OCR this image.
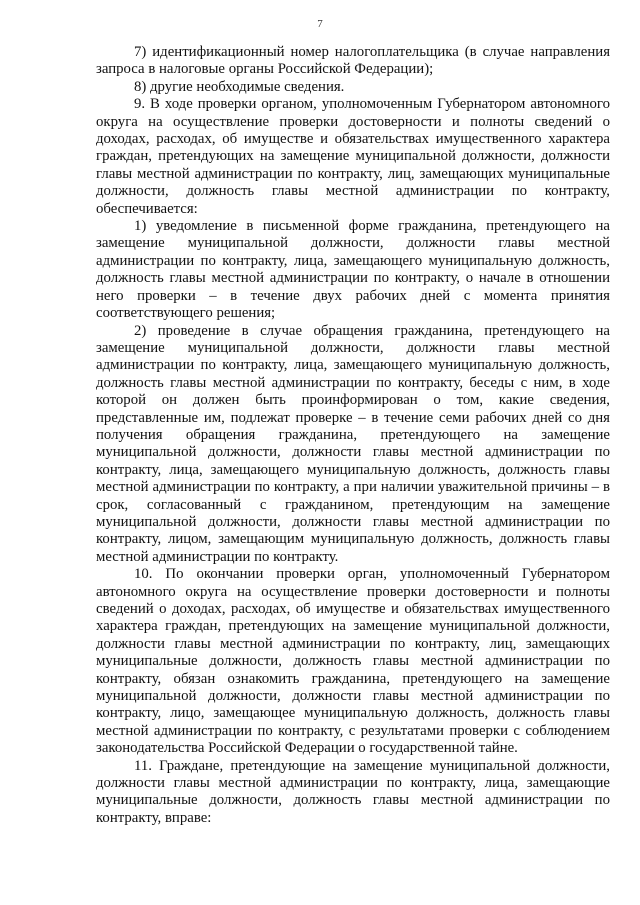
7

7) идентификационный номер налогоплательщика (в случае направления запроса в налоговые органы Российской Федерации);

8) другие необходимые сведения.

9. В ходе проверки органом, уполномоченным Губернатором автономного округа на осуществление проверки достоверности и полноты сведений о доходах, расходах, об имуществе и обязательствах имущественного характера граждан, претендующих на замещение муниципальной должности, должности главы местной администрации по контракту, лиц, замещающих муниципальные должности, должность главы местной администрации по контракту, обеспечивается:

1) уведомление в письменной форме гражданина, претендующего на замещение муниципальной должности, должности главы местной администрации по контракту, лица, замещающего муниципальную должность, должность главы местной администрации по контракту, о начале в отношении него проверки – в течение двух рабочих дней с момента принятия соответствующего решения;

2) проведение в случае обращения гражданина, претендующего на замещение муниципальной должности, должности главы местной администрации по контракту, лица, замещающего муниципальную должность, должность главы местной администрации по контракту, беседы с ним, в ходе которой он должен быть проинформирован о том, какие сведения, представленные им, подлежат проверке – в течение семи рабочих дней со дня получения обращения гражданина, претендующего на замещение муниципальной должности, должности главы местной администрации по контракту, лица, замещающего муниципальную должность, должность главы местной администрации по контракту, а при наличии уважительной причины – в срок, согласованный с гражданином, претендующим на замещение муниципальной должности, должности главы местной администрации по контракту, лицом, замещающим муниципальную должность, должность главы местной администрации по контракту.

10. По окончании проверки орган, уполномоченный Губернатором автономного округа на осуществление проверки достоверности и полноты сведений о доходах, расходах, об имуществе и обязательствах имущественного характера граждан, претендующих на замещение муниципальной должности, должности главы местной администрации по контракту, лиц, замещающих муниципальные должности, должность главы местной администрации по контракту, обязан ознакомить гражданина, претендующего на замещение муниципальной должности, должности главы местной администрации по контракту, лицо, замещающее муниципальную должность, должность главы местной администрации по контракту, с результатами проверки с соблюдением законодательства Российской Федерации о государственной тайне.

11. Граждане, претендующие на замещение муниципальной должности, должности главы местной администрации по контракту, лица, замещающие муниципальные должности, должность главы местной администрации по контракту, вправе:
